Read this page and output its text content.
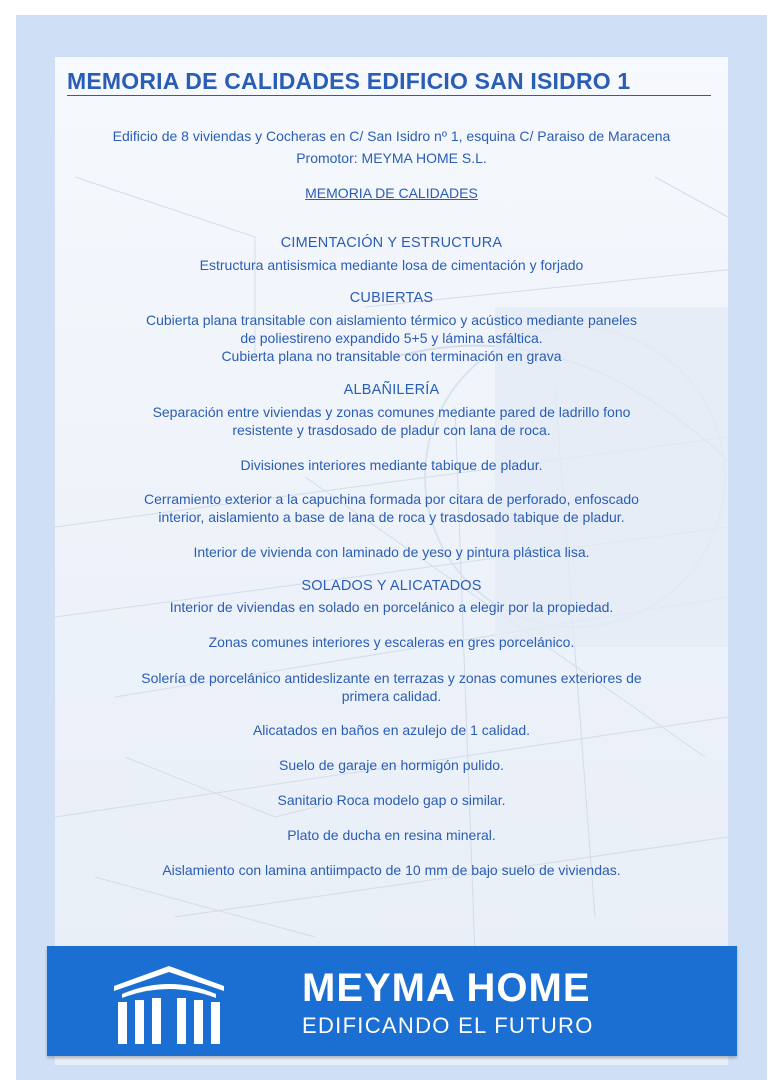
MEMORIA DE CALIDADES EDIFICIO SAN ISIDRO 1

Edificio de 8 viviendas y Cocheras en C/ San Isidro nº 1, esquina C/ Paraiso de Maracena

Promotor: MEYMA HOME S.L.

MEMORIA DE CALIDADES

CIMENTACIÓN Y ESTRUCTURA

Estructura antisismica mediante losa de cimentación y forjado

CUBIERTAS

Cubierta plana transitable con aislamiento térmico y acústico mediante paneles

de poliestireno expandido 5+5 y lámina asfáltica.

Cubierta plana no transitable con terminación en grava

ALBAÑILERÍA

Separación entre viviendas y zonas comunes mediante pared de ladrillo fono

resistente y trasdosado de pladur con lana de roca.

Divisiones interiores mediante tabique de pladur.

Cerramiento exterior a la capuchina formada por citara de perforado, enfoscado

interior, aislamiento a base de lana de roca y trasdosado tabique de pladur.

Interior de vivienda con laminado de yeso y pintura plástica lisa.

SOLADOS Y ALICATADOS

Interior de viviendas en solado en porcelánico a elegir por la propiedad.

Zonas comunes interiores y escaleras en gres porcelánico.

Solería de porcelánico antideslizante en terrazas y zonas comunes exteriores de

primera calidad.

Alicatados en baños en azulejo de 1 calidad.

Suelo de garaje en hormigón pulido.

Sanitario Roca modelo gap o similar.

Plato de ducha en resina mineral.

Aislamiento con lamina antiimpacto de 10 mm de bajo suelo de viviendas.

MEYMA HOME

EDIFICANDO EL FUTURO
